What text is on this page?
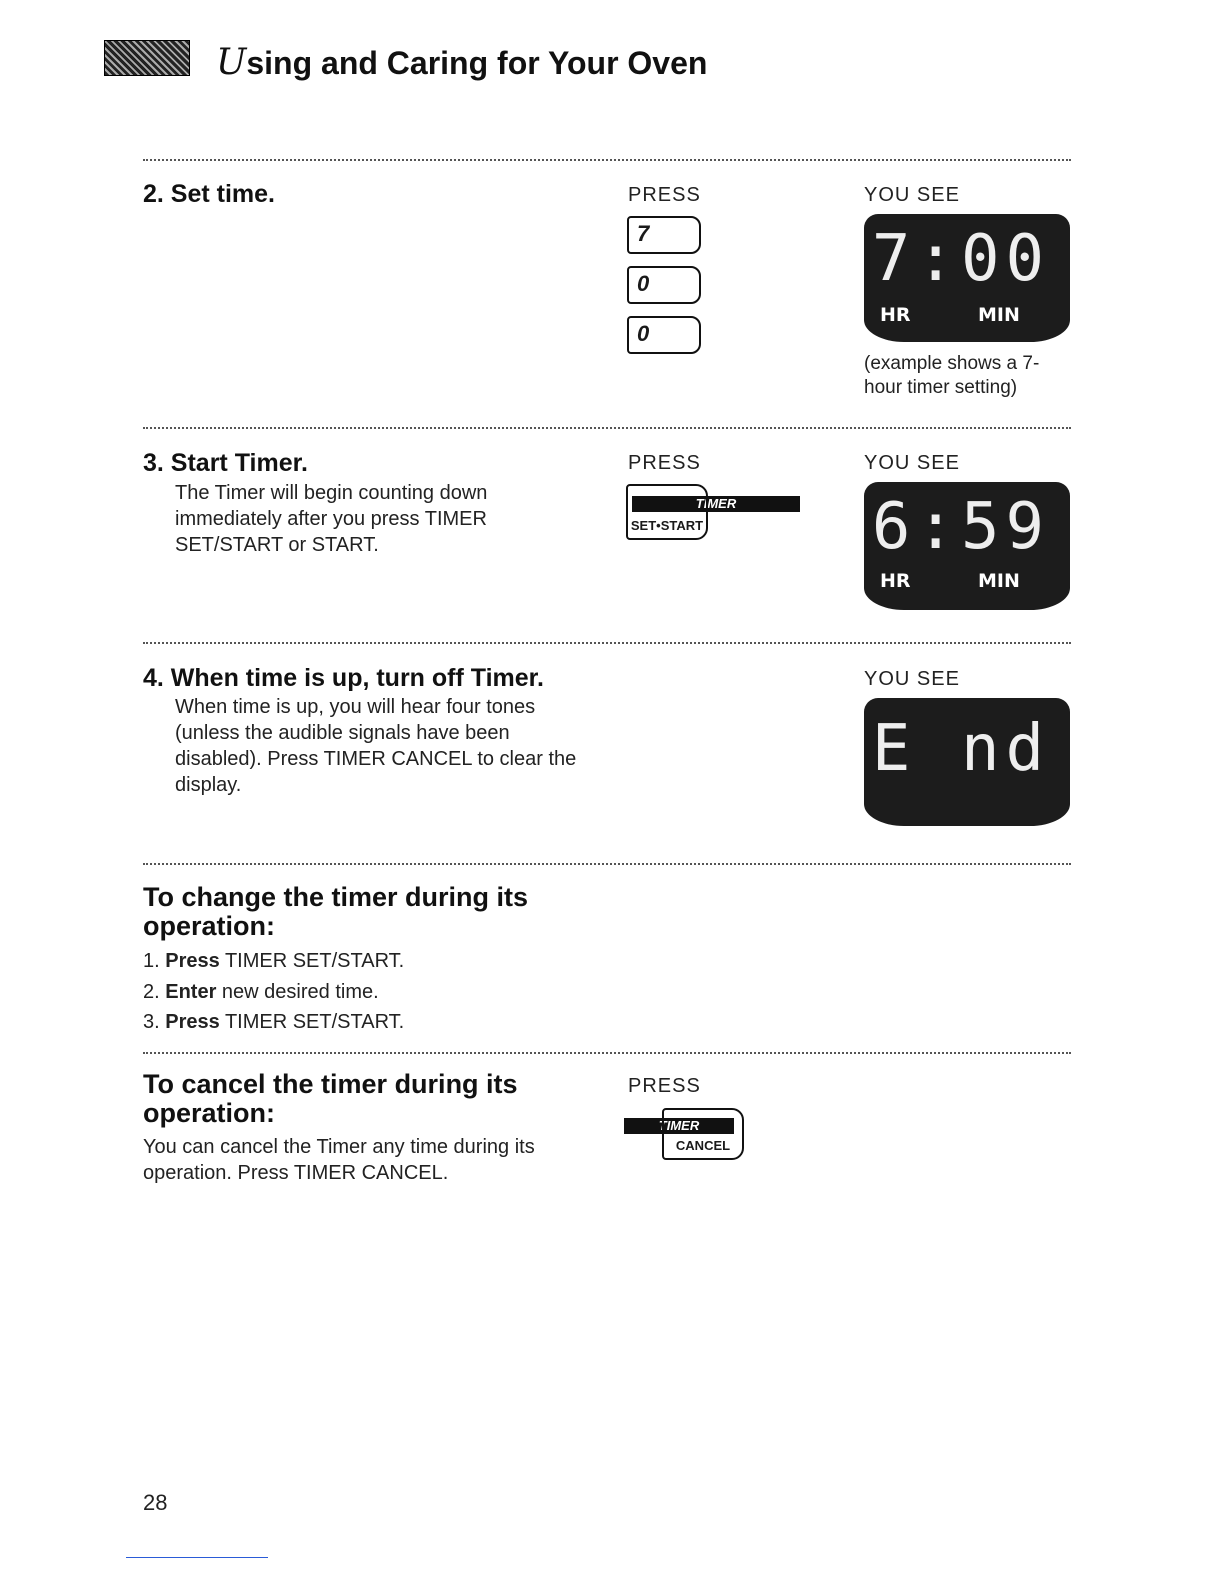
Using and Caring for Your Oven
2. Set time.	PRESS
7
0
0
YOU SEE
7:00
HR	MIN
(example shows a 7-hour timer setting)
3. Start Timer.
The Timer will begin counting down immediately after you press TIMER SET/START or START.
PRESS
TIMER
SET•START
YOU SEE
6:59
HR	MIN
4. When time is up, turn off Timer.
When time is up, you will hear four tones (unless the audible signals have been disabled). Press TIMER CANCEL to clear the display.
YOU SEE
E nd
To change the timer during its operation:
1. Press TIMER SET/START.
2. Enter new desired time.
3. Press TIMER SET/START.
To cancel the timer during its operation:
You can cancel the Timer any time during its operation. Press TIMER CANCEL.
PRESS
TIMER
CANCEL
28
